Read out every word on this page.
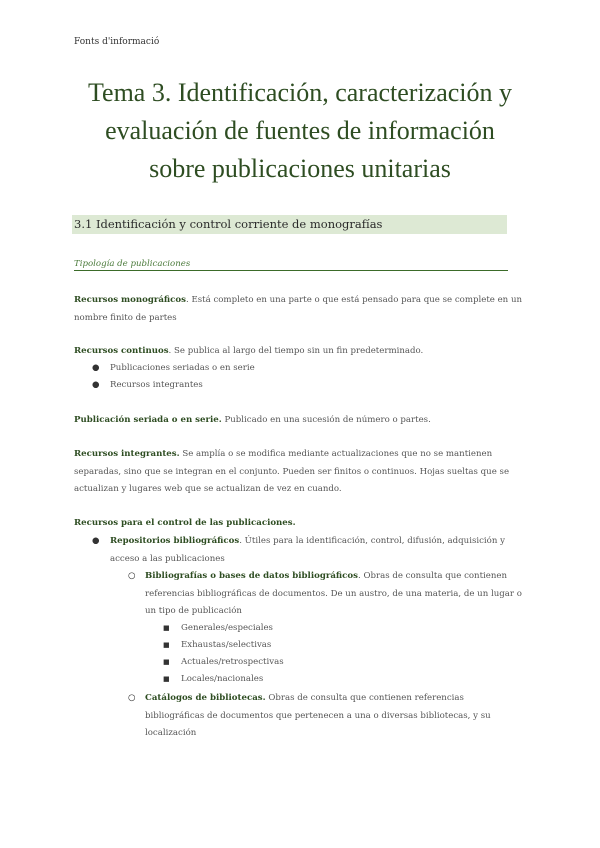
Fonts d'informació
Tema 3. Identificación, caracterización y
evaluación de fuentes de información
sobre publicaciones unitarias
3.1 Identificación y control corriente de monografías
Tipología de publicaciones
Recursos monográficos. Está completo en una parte o que está pensado para que se complete en un nombre finito de partes
Recursos continuos. Se publica al largo del tiempo sin un fin predeterminado.
● Publicaciones seriadas o en serie
● Recursos integrantes
Publicación seriada o en serie. Publicado en una sucesión de número o partes.
Recursos integrantes. Se amplía o se modifica mediante actualizaciones que no se mantienen separadas, sino que se integran en el conjunto. Pueden ser finitos o continuos. Hojas sueltas que se actualizan y lugares web que se actualizan de vez en cuando.
Recursos para el control de las publicaciones.
● Repositorios bibliográficos. Útiles para la identificación, control, difusión, adquisición y acceso a las publicaciones
○ Bibliografías o bases de datos bibliográficos. Obras de consulta que contienen referencias bibliográficas de documentos. De un austro, de una materia, de un lugar o un tipo de publicación
■ Generales/especiales
■ Exhaustas/selectivas
■ Actuales/retrospectivas
■ Locales/nacionales
○ Catálogos de bibliotecas. Obras de consulta que contienen referencias bibliográficas de documentos que pertenecen a una o diversas bibliotecas, y su localización
